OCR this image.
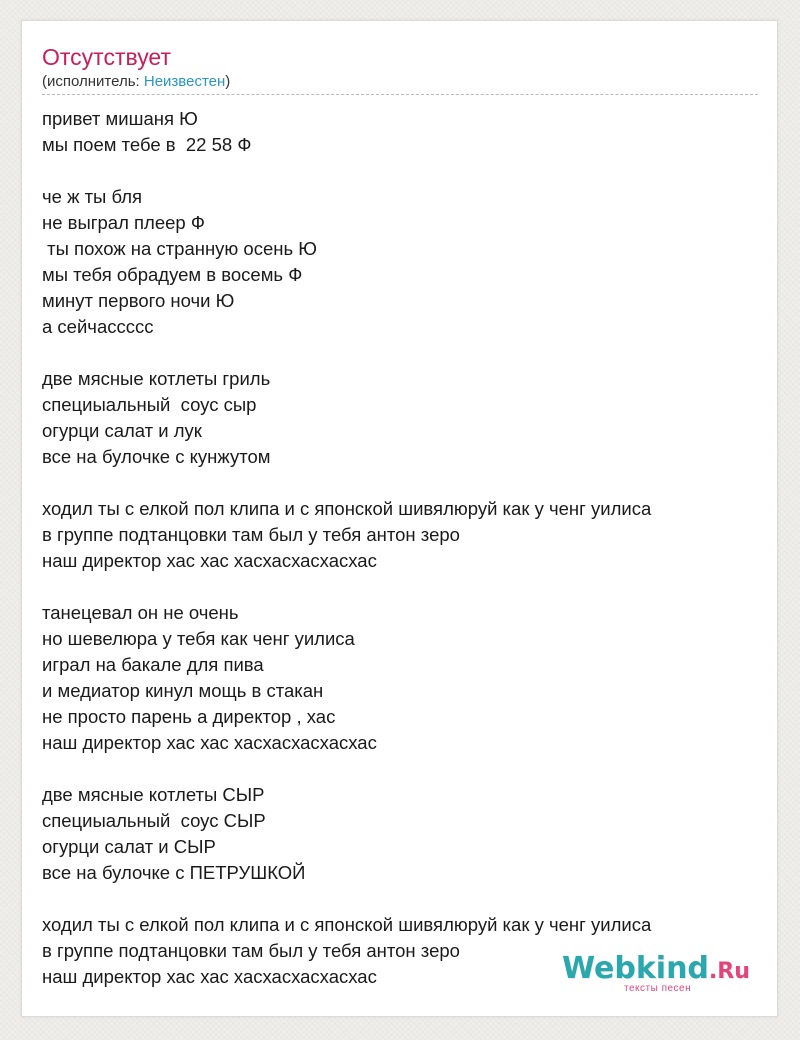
Отсутствует
(исполнитель: Неизвестен)
привет мишаня Ю
мы поем тебе в  22 58 Ф
че ж ты бля
не выграл плеер Ф
ты похож на странную осень Ю
мы тебя обрадуем в восемь Ф
минут первого ночи Ю
а сейчасcccc
две мясные котлеты гриль
специыальный  соус сыр
огурци салат и лук
все на булочке с кунжутом
ходил ты с елкой пол клипа и с японской шивялюруй как у ченг уилиса
в группе подтанцовки там был у тебя антон зеро
наш директор хас хас хасхасхасхасхас
танецевал он не очень
но шевелюра у тебя как ченг уилиса
играл на бакале для пива
и медиатор кинул мощь в стакан
не просто парень а директор , хас
наш директор хас хас хасхасхасхасхас
две мясные котлеты СЫР
специыальный  соус СЫР
огурци салат и СЫР
все на булочке с ПЕТРУШКОЙ
ходил ты с елкой пол клипа и с японской шивялюруй как у ченг уилиса
в группе подтанцовки там был у тебя антон зеро
наш директор хас хас хасхасхасхасхас	Webkind.Ru
тексты песен
